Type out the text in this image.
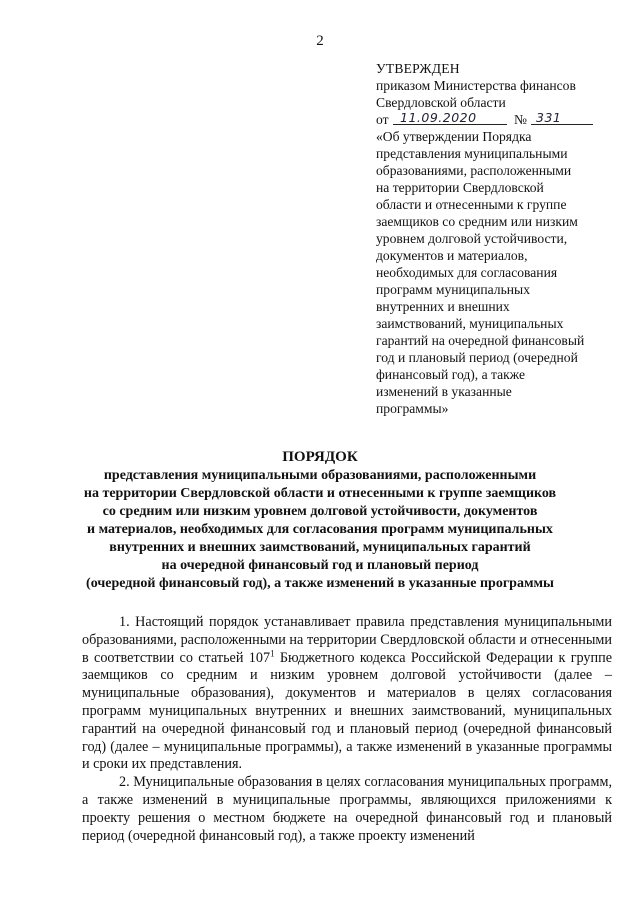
2
УТВЕРЖДЕН
приказом Министерства финансов
Свердловской области
от 11.09.2020	№ 331
«Об утверждении Порядка
представления муниципальными
образованиями, расположенными
на территории Свердловской
области и отнесенными к группе
заемщиков со средним или низким
уровнем долговой устойчивости,
документов и материалов,
необходимых для согласования
программ муниципальных
внутренних и внешних
заимствований, муниципальных
гарантий на очередной финансовый
год и плановый период (очередной
финансовый год), а также
изменений в указанные
программы»
ПОРЯДОК
представления муниципальными образованиями, расположенными
на территории Свердловской области и отнесенными к группе заемщиков
со средним или низким уровнем долговой устойчивости, документов
и материалов, необходимых для согласования программ муниципальных
внутренних и внешних заимствований, муниципальных гарантий
на очередной финансовый год и плановый период
(очередной финансовый год), а также изменений в указанные программы

1. Настоящий порядок устанавливает правила представления муниципальными образованиями, расположенными на территории Свердловской области и отнесенными в соответствии со статьей $107^1$ Бюджетного кодекса Российской Федерации к группе заемщиков со средним и низким уровнем долговой устойчивости (далее – муниципальные образования), документов и материалов в целях согласования программ муниципальных внутренних и внешних заимствований, муниципальных гарантий на очередной финансовый год и плановый период (очередной финансовый год) (далее – муниципальные программы), а также изменений в указанные программы и сроки их представления.

2. Муниципальные образования в целях согласования муниципальных программ, а также изменений в муниципальные программы, являющихся приложениями к проекту решения о местном бюджете на очередной финансовый год и плановый период (очередной финансовый год), а также проекту изменений
